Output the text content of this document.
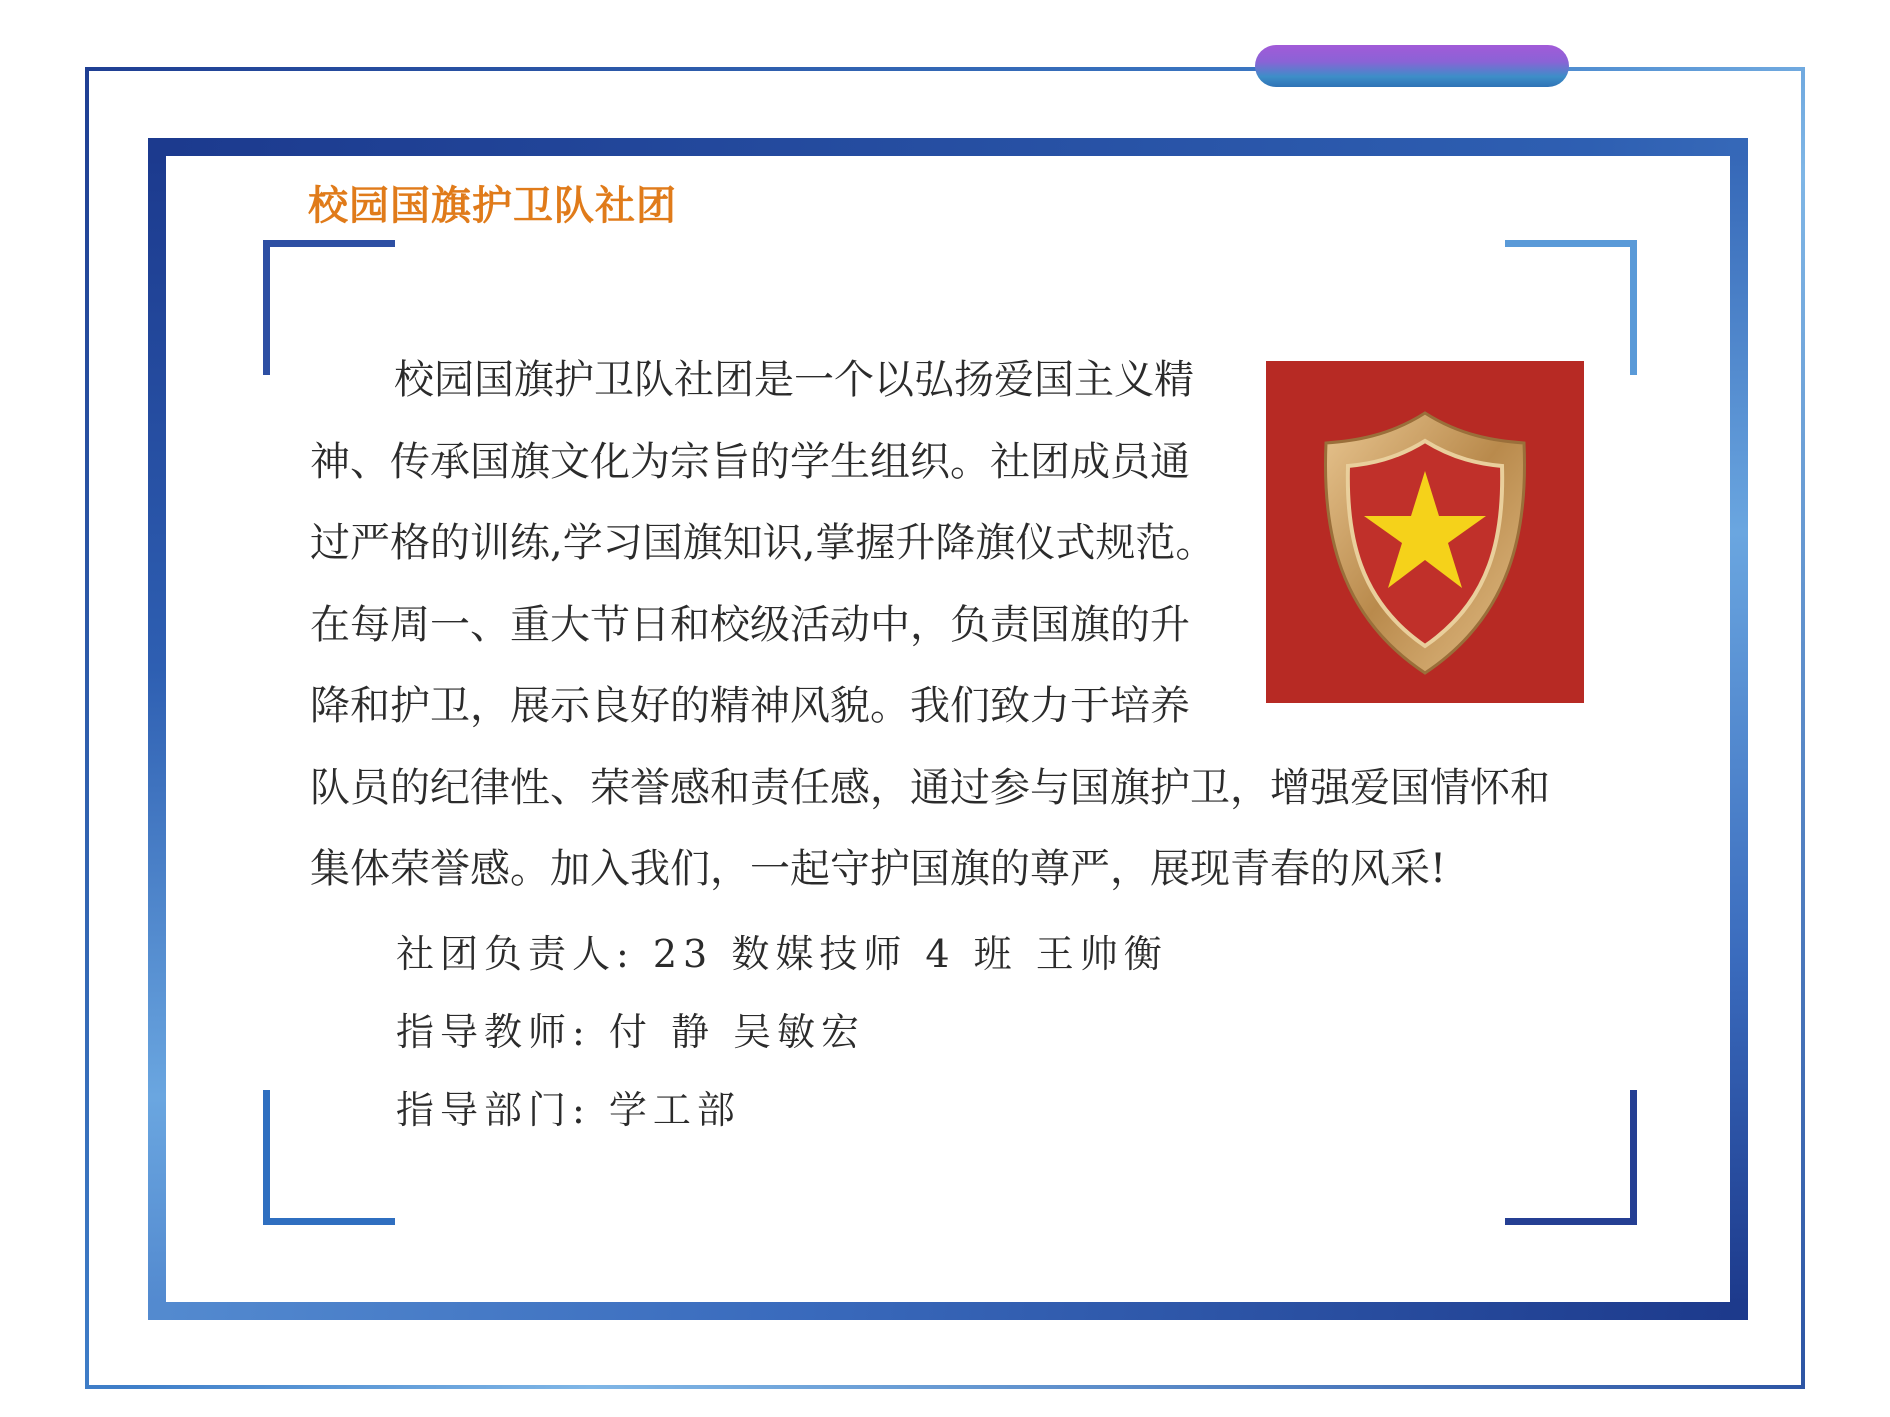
校园国旗护卫队社团
校园国旗护卫队社团是一个以弘扬爱国主义精
神、传承国旗文化为宗旨的学生组织。社团成员通
过严格的训练,学习国旗知识,掌握升降旗仪式规范。
在每周一、重大节日和校级活动中，负责国旗的升
降和护卫，展示良好的精神风貌。我们致力于培养
队员的纪律性、荣誉感和责任感，通过参与国旗护卫，增强爱国情怀和
集体荣誉感。加入我们，一起守护国旗的尊严，展现青春的风采!
社团负责人: 23 数媒技师 4 班 王帅衡
指导教师: 付 静 吴敏宏
指导部门: 学工部
